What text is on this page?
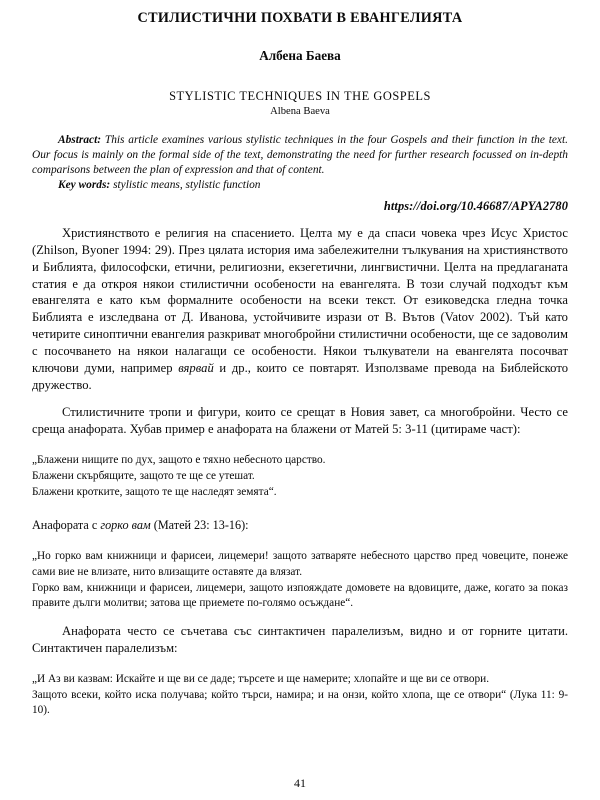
СТИЛИСТИЧНИ ПОХВАТИ В ЕВАНГЕЛИЯТА
Албена Баева
STYLISTIC TECHNIQUES IN THE GOSPELS
Albena Baeva

Abstract: This article examines various stylistic techniques in the four Gospels and their function in the text. Our focus is mainly on the formal side of the text, demonstrating the need for further research focussed on in-depth comparisons between the plan of expression and that of content.

Key words: stylistic means, stylistic function

https://doi.org/10.46687/APYA2780

Християнството е религия на спасението. Целта му е да спаси човека чрез Исус Христос (Zhilson, Byoner 1994: 29). През цялата история има забележителни тълкувания на християнството и Библията, философски, етични, религиозни, екзегетични, лингвистични. Целта на предлаганата статия е да откроя някои стилистични особености на евангелята. В този случай подходът към евангелята е като към формалните особености на всеки текст. От езиковедска гледна точка Библията е изследвана от Д. Иванова, устойчивите изрази от В. Вътов (Vatov 2002). Тъй като четирите синоптични евангелия разкриват многобройни стилистични особености, ще се задоволим с посочването на някои налагащи се особености. Някои тълкуватели на евангелята посочват ключови думи, например вярвай и др., които се повтарят. Използваме превода на Библейското дружество.

Стилистичните тропи и фигури, които се срещат в Новия завет, са многобройни. Често се среща анафората. Хубав пример е анафората на блажени от Матей 5: 3-11 (цитираме част):

„Блажени нищите по дух, защото е тяхно небесното царство.
Блажени скърбящите, защото те ще се утешат.
Блажени кротките, защото те ще наследят земята“.

Анафората с горко вам (Матей 23: 13-16):

„Но горко вам книжници и фарисеи, лицемери! защото затваряте небесното царство пред човеците, понеже сами вие не влизате, нито влизащите оставяте да влязат.
Горко вам, книжници и фарисеи, лицемери, защото изпояждате домовете на вдовиците, даже, когато за показ правите дълги молитви; затова ще приемете по-голямо осъждане“.

Анафората често се съчетава със синтактичен паралелизъм, видно и от горните цитати. Синтактичен паралелизъм:

„И Аз ви казвам: Искайте и ще ви се даде; търсете и ще намерите; хлопайте и ще ви се отвори.
Защото всеки, който иска получава; който търси, намира; и на онзи, който хлопа, ще се отвори“ (Лука 11: 9-10).
41
